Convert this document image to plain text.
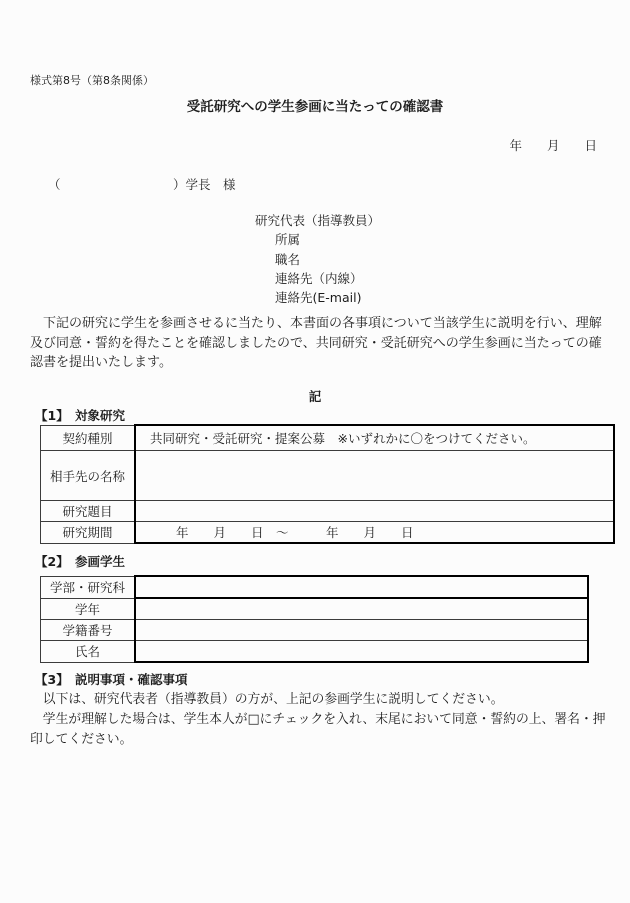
様式第8号（第8条関係）
受託研究への学生参画に当たっての確認書
年　　月　　日
（　　　　　　　　　）学長　様
研究代表（指導教員）
所属
職名
連絡先（内線）
連絡先(E-mail)
　下記の研究に学生を参画させるに当たり、本書面の各事項について当該学生に説明を行い、理解及び同意・誓約を得たことを確認しましたので、共同研究・受託研究への学生参画に当たっての確認書を提出いたします。
記
【1】　対象研究
契約種別	共同研究・受託研究・提案公募　※いずれかに〇をつけてください。
相手先の名称	
研究題目	
研究期間	年　　月　　日　～　　　年　　月　　日
【2】　参画学生
学部・研究科	
学年	
学籍番号	
氏名	
【3】　説明事項・確認事項
　以下は、研究代表者（指導教員）の方が、上記の参画学生に説明してください。
　学生が理解した場合は、学生本人が□にチェックを入れ、末尾において同意・誓約の上、署名・押印してください。
